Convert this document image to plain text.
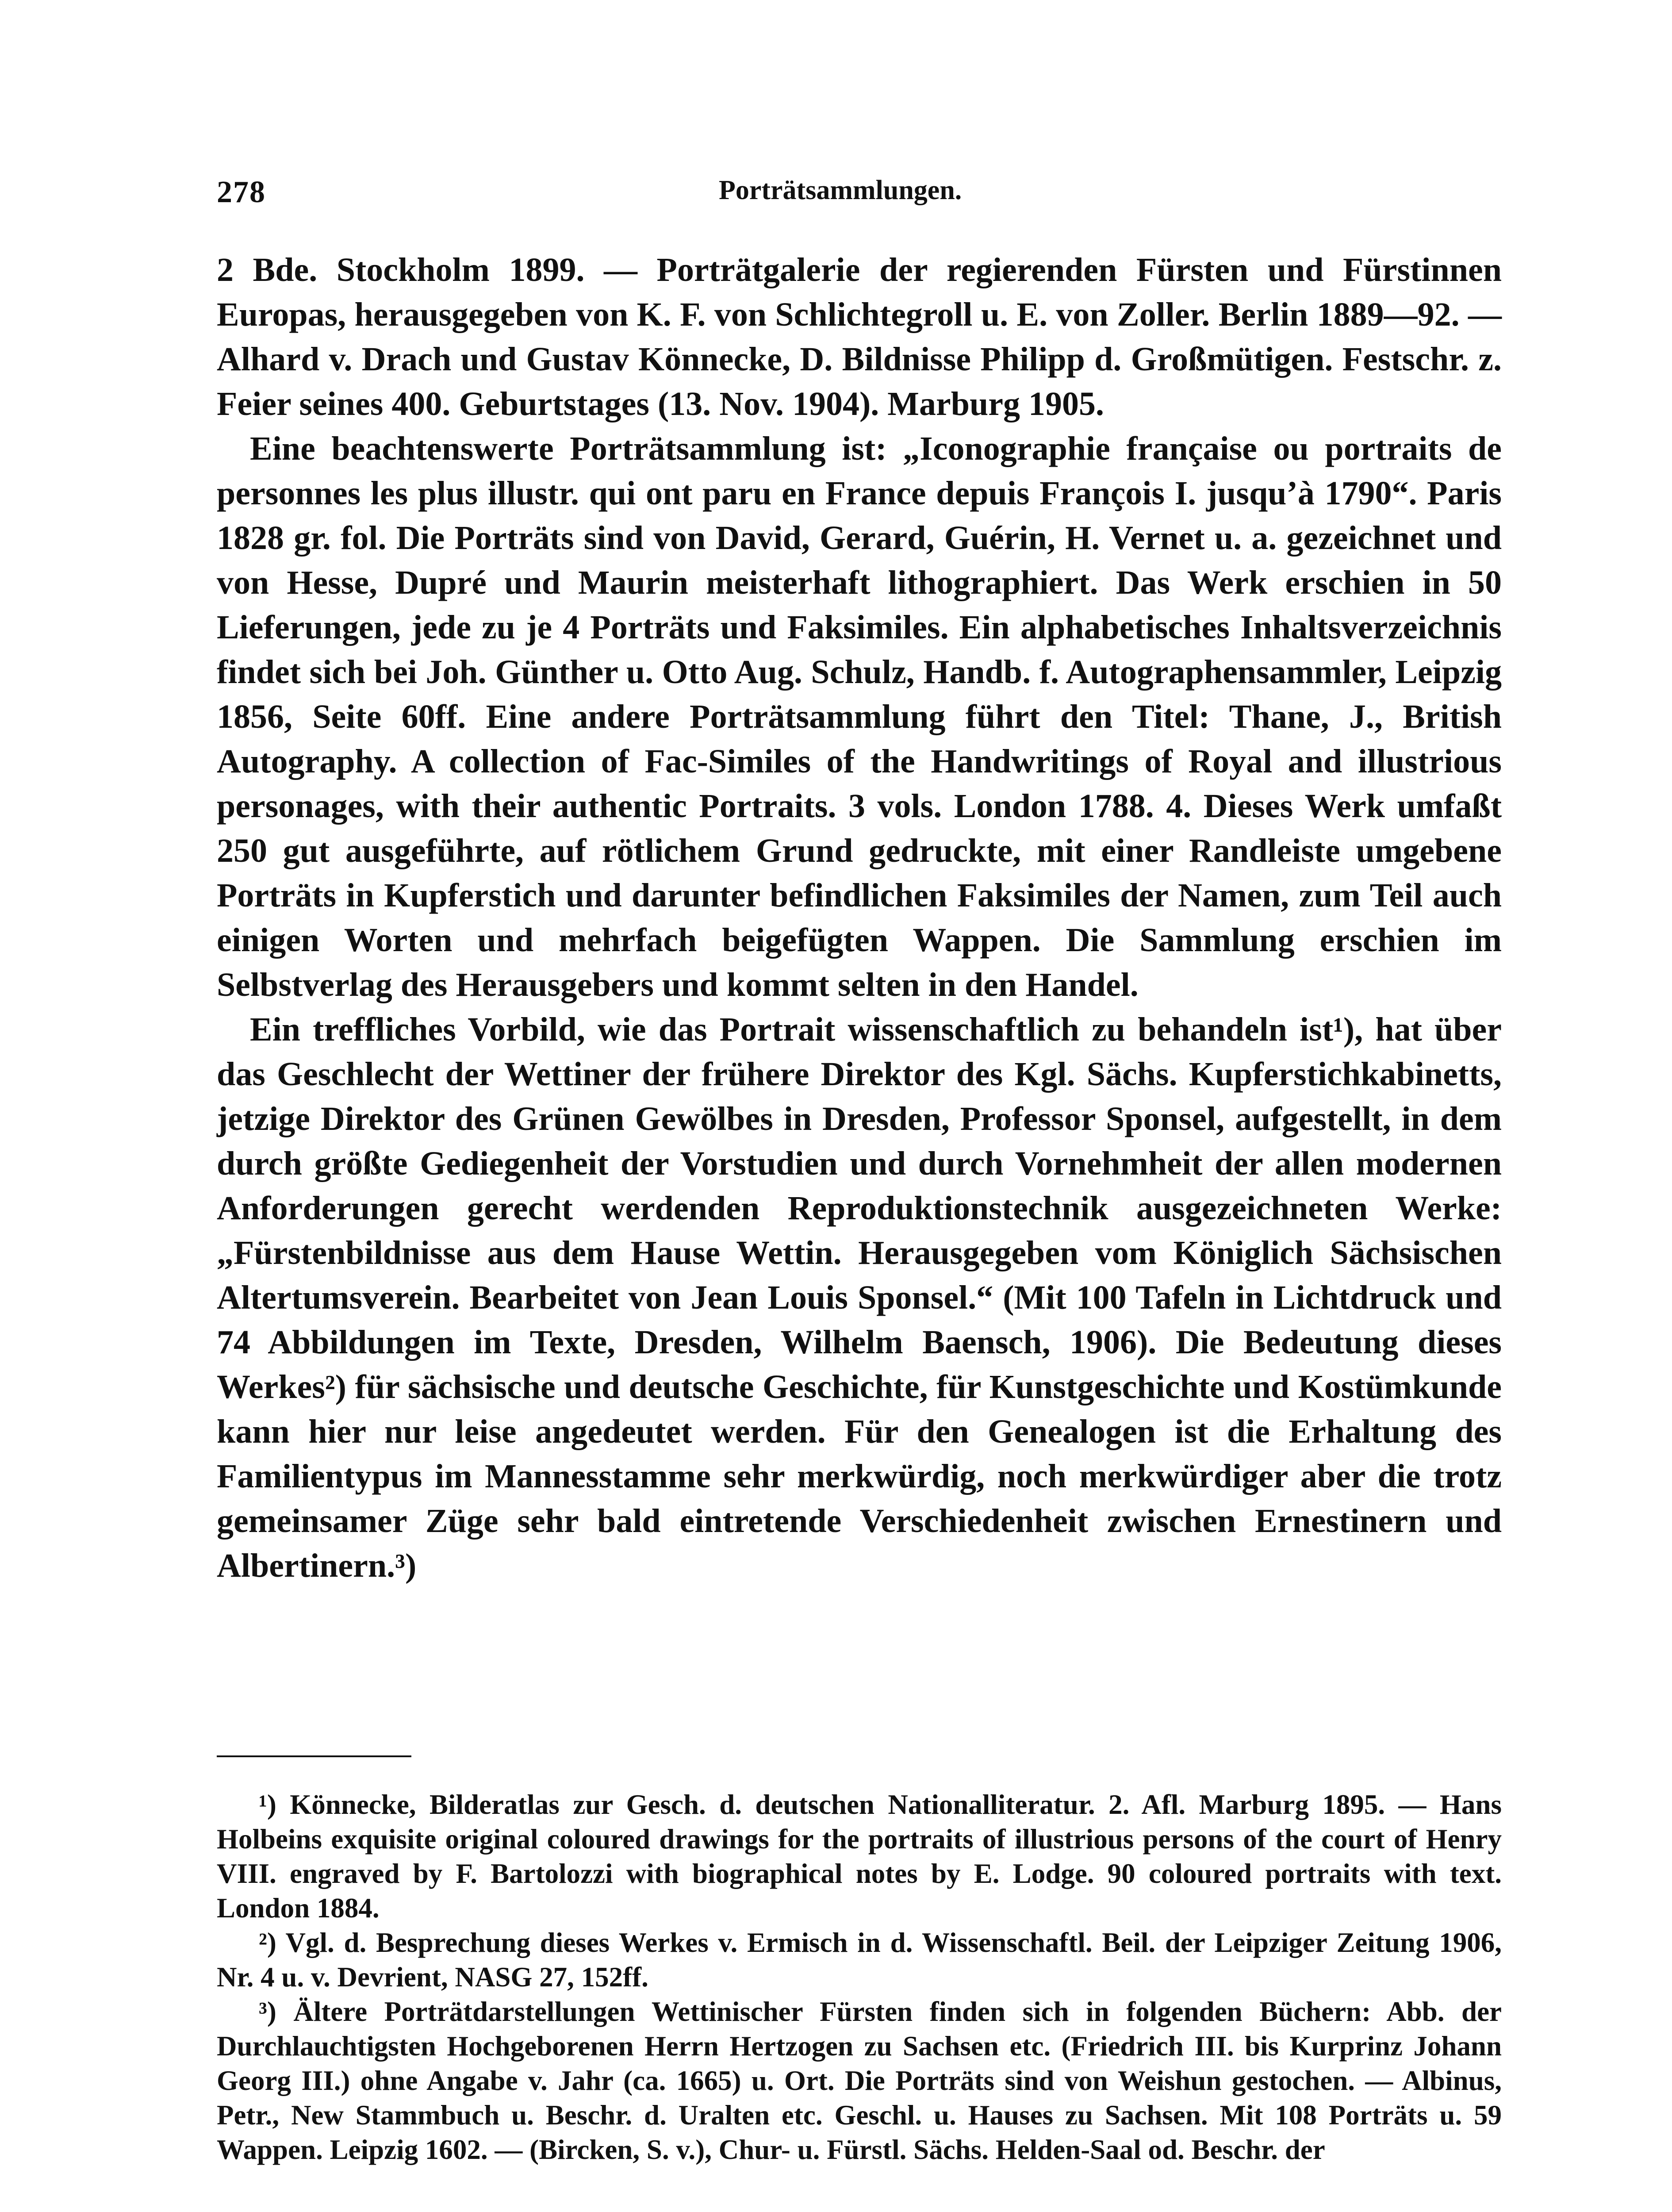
278	Porträtsammlungen.

2 Bde. Stockholm 1899. — Porträtgalerie der regierenden Fürsten und Fürstinnen Europas, herausgegeben von K. F. von Schlichtegroll u. E. von Zoller. Berlin 1889—92. — Alhard v. Drach und Gustav Könnecke, D. Bildnisse Philipp d. Großmütigen. Festschr. z. Feier seines 400. Geburtstages (13. Nov. 1904). Marburg 1905.

Eine beachtenswerte Porträtsammlung ist: „Iconographie française ou portraits de personnes les plus illustr. qui ont paru en France depuis François I. jusqu’à 1790“. Paris 1828 gr. fol. Die Porträts sind von David, Gerard, Guérin, H. Vernet u. a. gezeichnet und von Hesse, Dupré und Maurin meisterhaft lithographiert. Das Werk erschien in 50 Lieferungen, jede zu je 4 Porträts und Faksimiles. Ein alphabetisches Inhaltsverzeichnis findet sich bei Joh. Günther u. Otto Aug. Schulz, Handb. f. Autographensammler, Leipzig 1856, Seite 60ff. Eine andere Porträtsammlung führt den Titel: Thane, J., British Autography. A collection of Fac-Similes of the Handwritings of Royal and illustrious personages, with their authentic Portraits. 3 vols. London 1788. 4. Dieses Werk umfaßt 250 gut ausgeführte, auf rötlichem Grund gedruckte, mit einer Randleiste umgebene Porträts in Kupferstich und darunter befindlichen Faksimiles der Namen, zum Teil auch einigen Worten und mehrfach beigefügten Wappen. Die Sammlung erschien im Selbstverlag des Herausgebers und kommt selten in den Handel.

Ein treffliches Vorbild, wie das Portrait wissenschaftlich zu behandeln ist¹), hat über das Geschlecht der Wettiner der frühere Direktor des Kgl. Sächs. Kupferstichkabinetts, jetzige Direktor des Grünen Gewölbes in Dresden, Professor Sponsel, aufgestellt, in dem durch größte Gediegenheit der Vorstudien und durch Vornehmheit der allen modernen Anforderungen gerecht werdenden Reproduktionstechnik ausgezeichneten Werke: „Fürstenbildnisse aus dem Hause Wettin. Herausgegeben vom Königlich Sächsischen Altertumsverein. Bearbeitet von Jean Louis Sponsel.“ (Mit 100 Tafeln in Lichtdruck und 74 Abbildungen im Texte, Dresden, Wilhelm Baensch, 1906). Die Bedeutung dieses Werkes²) für sächsische und deutsche Geschichte, für Kunstgeschichte und Kostümkunde kann hier nur leise angedeutet werden. Für den Genealogen ist die Erhaltung des Familientypus im Mannesstamme sehr merkwürdig, noch merkwürdiger aber die trotz gemeinsamer Züge sehr bald eintretende Verschiedenheit zwischen Ernestinern und Albertinern.³)

¹) Könnecke, Bilderatlas zur Gesch. d. deutschen Nationalliteratur. 2. Afl. Marburg 1895. — Hans Holbeins exquisite original coloured drawings for the portraits of illustrious persons of the court of Henry VIII. engraved by F. Bartolozzi with biographical notes by E. Lodge. 90 coloured portraits with text. London 1884.

²) Vgl. d. Besprechung dieses Werkes v. Ermisch in d. Wissenschaftl. Beil. der Leipziger Zeitung 1906, Nr. 4 u. v. Devrient, NASG 27, 152ff.

³) Ältere Porträtdarstellungen Wettinischer Fürsten finden sich in folgenden Büchern: Abb. der Durchlauchtigsten Hochgeborenen Herrn Hertzogen zu Sachsen etc. (Friedrich III. bis Kurprinz Johann Georg III.) ohne Angabe v. Jahr (ca. 1665) u. Ort. Die Porträts sind von Weishun gestochen. — Albinus, Petr., New Stammbuch u. Beschr. d. Uralten etc. Geschl. u. Hauses zu Sachsen. Mit 108 Porträts u. 59 Wappen. Leipzig 1602. — (Bircken, S. v.), Chur- u. Fürstl. Sächs. Helden-Saal od. Beschr. der
